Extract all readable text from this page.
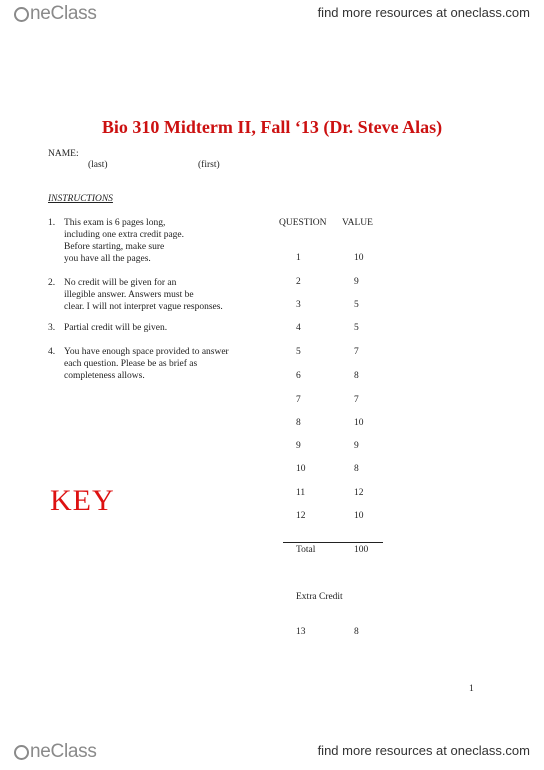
neClass	find more resources at oneclass.com
Bio 310 Midterm II, Fall ‘13 (Dr. Steve Alas)
NAME:
(last)	(first)
INSTRUCTIONS
1. This exam is 6 pages long,
including one extra credit page.
Before starting, make sure
you have all the pages.
2. No credit will be given for an
illegible answer. Answers must be
clear. I will not interpret vague responses.
3. Partial credit will be given.
4. You have enough space provided to answer
each question. Please be as brief as
completeness allows.
KEY
QUESTION VALUE
1	10
2	9
3	5
4	5
5	7
6	8
7	7
8	10
9	9
10	8
11	12
12	10
Total	100
Extra Credit
13	8
1
neClass	find more resources at oneclass.com
